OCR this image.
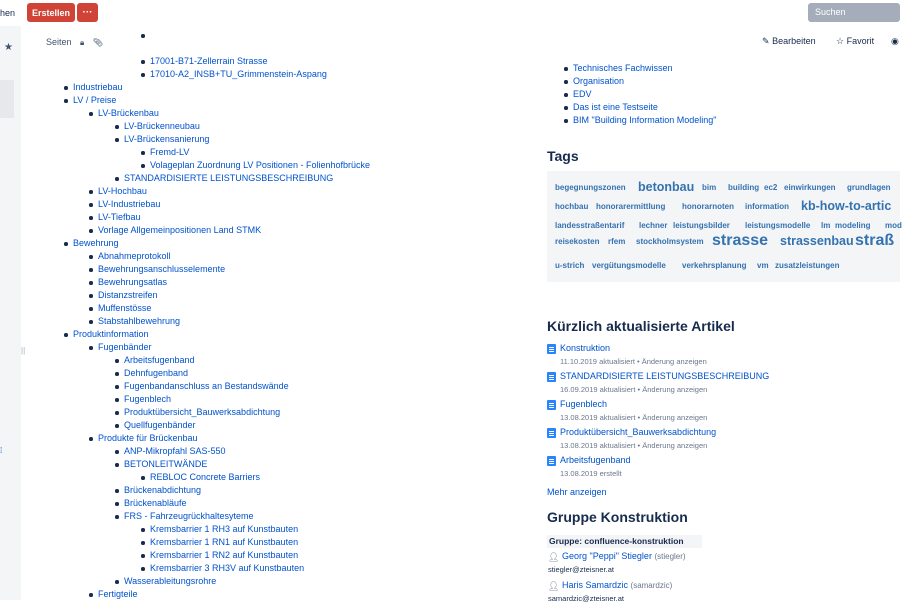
hen	Erstellen	···	Suchen
★
||
⁞
Seiten 🔒︎ 📎︎
17001-B71-Zellerrain Strasse
17010-A2_INSB+TU_Grimmenstein-Aspang
Industriebau
LV / Preise
LV-Brückenbau
LV-Brückenneubau
LV-Brückensanierung
Fremd-LV
Volageplan Zuordnung LV Positionen - Folienhofbrücke
STANDARDISIERTE LEISTUNGSBESCHREIBUNG
LV-Hochbau
LV-Industriebau
LV-Tiefbau
Vorlage Allgemeinpositionen Land STMK
Bewehrung
Abnahmeprotokoll
Bewehrungsanschlusselemente
Bewehrungsatlas
Distanzstreifen
Muffenstösse
Stabstahlbewehrung
Produktinformation
Fugenbänder
Arbeitsfugenband
Dehnfugenband
Fugenbandanschluss an Bestandswände
Fugenblech
Produktübersicht_Bauwerksabdichtung
Quellfugenbänder
Produkte für Brückenbau
ANP-Mikropfahl SAS-550
BETONLEITWÄNDE
REBLOC Concrete Barriers
Brückenabdichtung
Brückenabläufe
FRS - Fahrzeugrückhaltesyteme
Kremsbarrier 1 RH3 auf Kunstbauten
Kremsbarrier 1 RN1 auf Kunstbauten
Kremsbarrier 1 RN2 auf Kunstbauten
Kremsbarrier 3 RH3V auf Kunstbauten
Wasserableitungsrohre
Fertigteile
✎ Bearbeiten ☆ Favorit ◉
Technisches Fachwissen
Organisation
EDV
Das ist eine Testseite
BIM "Building Information Modeling"
Tags
begegnungszonen betonbau bim building ec2 einwirkungen grundlagen
hochbau honorarermittlung honorarnoten information kb-how-to-artic
landesstraßentarif lechner leistungsbilder leistungsmodelle lm modeling mod
reisekosten rfem stockholmsystem strasse strassenbau straß
u-strich vergütungsmodelle verkehrsplanung vm zusatzleistungen
Kürzlich aktualisierte Artikel
Konstruktion
11.10.2019 aktualisiert • Änderung anzeigen
STANDARDISIERTE LEISTUNGSBESCHREIBUNG
16.09.2019 aktualisiert • Änderung anzeigen
Fugenblech
13.08.2019 aktualisiert • Änderung anzeigen
Produktübersicht_Bauwerksabdichtung
13.08.2019 aktualisiert • Änderung anzeigen
Arbeitsfugenband
13.08.2019 erstellt
Mehr anzeigen
Gruppe Konstruktion
Gruppe: confluence-konstruktion
👤︎ Georg "Peppi" Stiegler (stiegler)
stiegler@zteisner.at
👤︎ Haris Samardzic (samardzic)
samardzic@zteisner.at
